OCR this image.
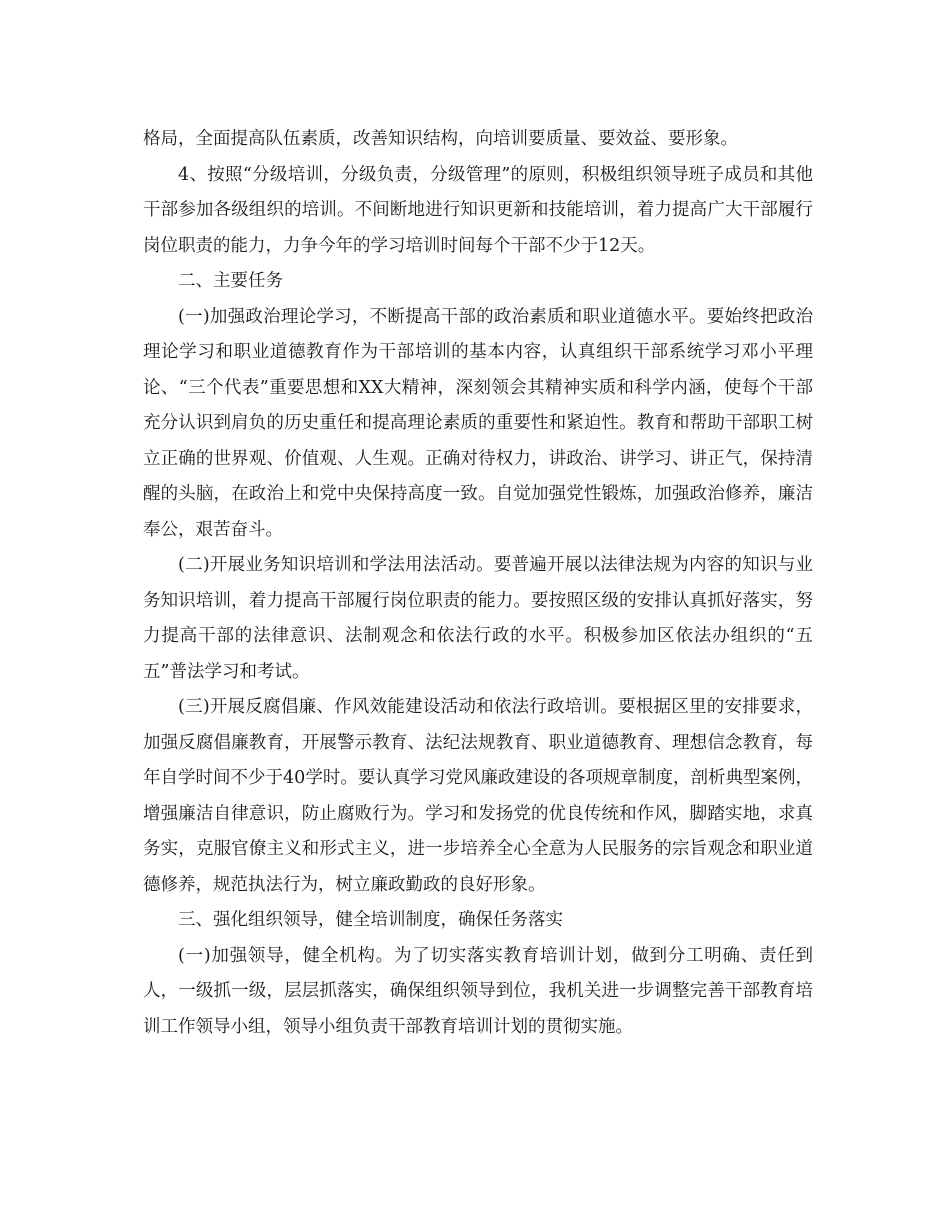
格局，全面提高队伍素质，改善知识结构，向培训要质量、要效益、要形象。

4、按照“分级培训，分级负责，分级管理”的原则，积极组织领导班子成员和其他干部参加各级组织的培训。不间断地进行知识更新和技能培训，着力提高广大干部履行岗位职责的能力，力争今年的学习培训时间每个干部不少于12天。

二、主要任务

(一)加强政治理论学习，不断提高干部的政治素质和职业道德水平。要始终把政治理论学习和职业道德教育作为干部培训的基本内容，认真组织干部系统学习邓小平理论、“三个代表”重要思想和XX大精神，深刻领会其精神实质和科学内涵，使每个干部充分认识到肩负的历史重任和提高理论素质的重要性和紧迫性。教育和帮助干部职工树立正确的世界观、价值观、人生观。正确对待权力，讲政治、讲学习、讲正气，保持清醒的头脑，在政治上和党中央保持高度一致。自觉加强党性锻炼，加强政治修养，廉洁奉公，艰苦奋斗。

(二)开展业务知识培训和学法用法活动。要普遍开展以法律法规为内容的知识与业务知识培训，着力提高干部履行岗位职责的能力。要按照区级的安排认真抓好落实，努力提高干部的法律意识、法制观念和依法行政的水平。积极参加区依法办组织的“五五”普法学习和考试。

(三)开展反腐倡廉、作风效能建设活动和依法行政培训。要根据区里的安排要求，加强反腐倡廉教育，开展警示教育、法纪法规教育、职业道德教育、理想信念教育，每年自学时间不少于40学时。要认真学习党风廉政建设的各项规章制度，剖析典型案例，增强廉洁自律意识，防止腐败行为。学习和发扬党的优良传统和作风，脚踏实地，求真务实，克服官僚主义和形式主义，进一步培养全心全意为人民服务的宗旨观念和职业道德修养，规范执法行为，树立廉政勤政的良好形象。

三、强化组织领导，健全培训制度，确保任务落实

(一)加强领导，健全机构。为了切实落实教育培训计划，做到分工明确、责任到人，一级抓一级，层层抓落实，确保组织领导到位，我机关进一步调整完善干部教育培训工作领导小组，领导小组负责干部教育培训计划的贯彻实施。
